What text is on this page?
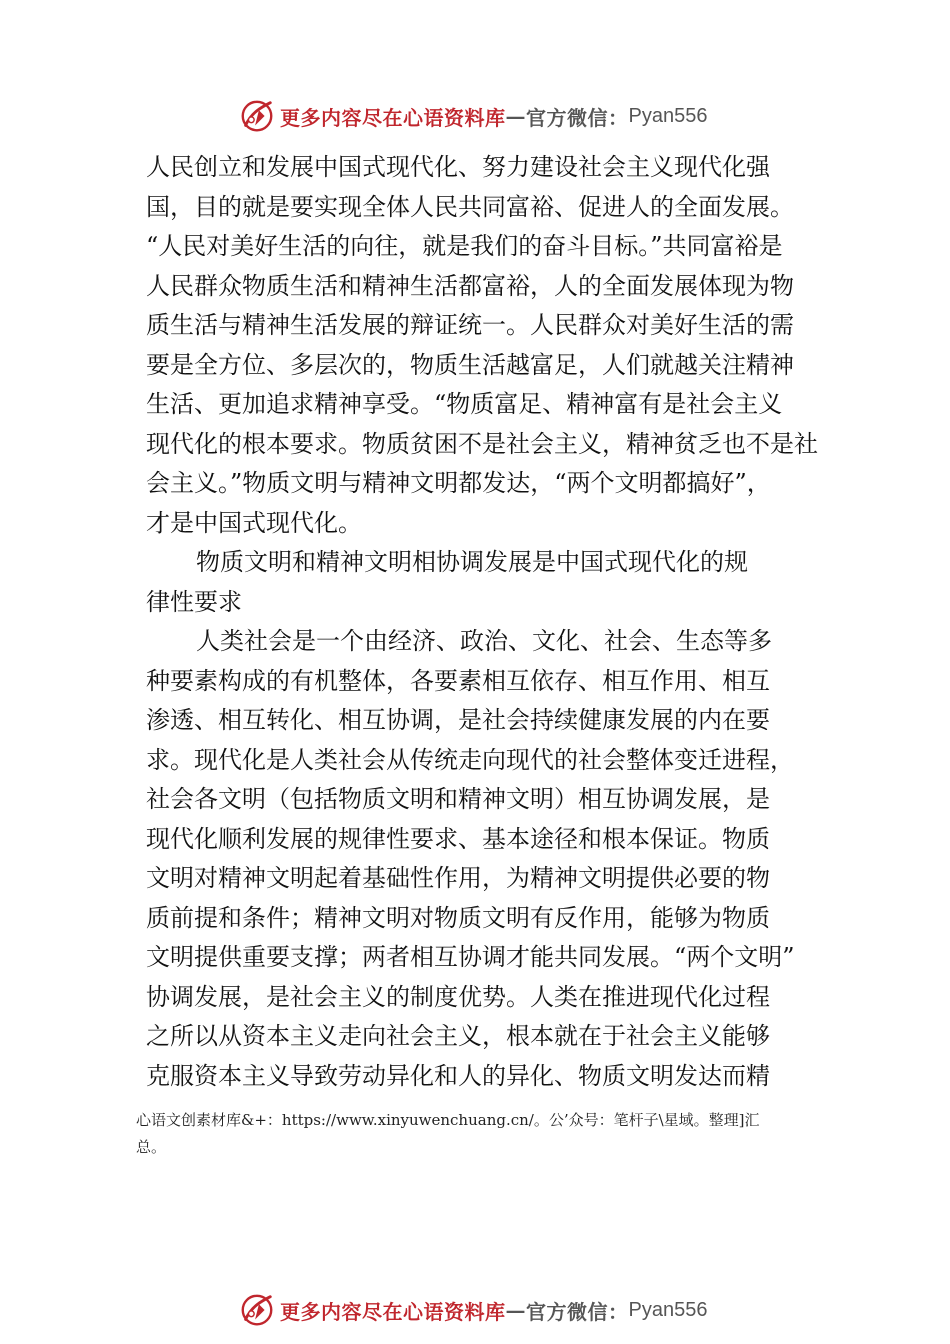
更多内容尽在心语资料库 — 官方微信： Pyan556
人民创立和发展中国式现代化、努力建设社会主义现代化强
国，目的就是要实现全体人民共同富裕、促进人的全面发展。
“人民对美好生活的向往，就是我们的奋斗目标。”共同富裕是
人民群众物质生活和精神生活都富裕，人的全面发展体现为物
质生活与精神生活发展的辩证统一。人民群众对美好生活的需
要是全方位、多层次的，物质生活越富足，人们就越关注精神
生活、更加追求精神享受。“物质富足、精神富有是社会主义
现代化的根本要求。物质贫困不是社会主义，精神贫乏也不是社
会主义。”物质文明与精神文明都发达，“两个文明都搞好”，
才是中国式现代化。
物质文明和精神文明相协调发展是中国式现代化的规
律性要求
人类社会是一个由经济、政治、文化、社会、生态等多
种要素构成的有机整体，各要素相互依存、相互作用、相互
渗透、相互转化、相互协调，是社会持续健康发展的内在要
求。现代化是人类社会从传统走向现代的社会整体变迁进程，
社会各文明（包括物质文明和精神文明）相互协调发展，是
现代化顺利发展的规律性要求、基本途径和根本保证。物质
文明对精神文明起着基础性作用，为精神文明提供必要的物
质前提和条件；精神文明对物质文明有反作用，能够为物质
文明提供重要支撑；两者相互协调才能共同发展。“两个文明”
协调发展，是社会主义的制度优势。人类在推进现代化过程
之所以从资本主义走向社会主义，根本就在于社会主义能够
克服资本主义导致劳动异化和人的异化、物质文明发达而精
心语文创素材库&+：https://www.xinyuwenchuang.cn/。公’众号：笔杆子\星域。整理]汇
总。
更多内容尽在心语资料库 — 官方微信： Pyan556
